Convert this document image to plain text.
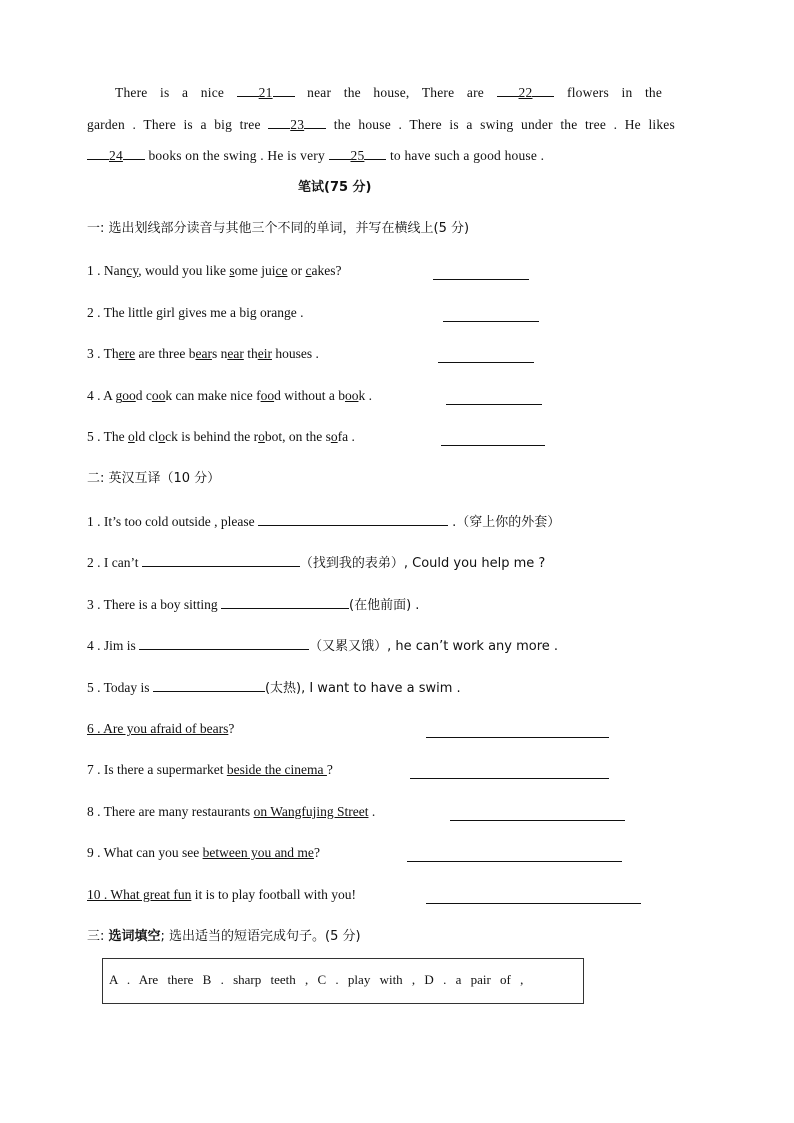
There is a nice 21 near the house, There are 22 flowers in the
garden . There is a big tree 23 the house . There is a swing under the tree . He likes
24 books on the swing . He is very 25 to have such a good house .
笔试(75 分)
一: 选出划线部分读音与其他三个不同的单词，并写在横线上(5 分)
1 . Nancy, would you like some juice or cakes?
2 . The little girl gives me a big orange .
3 . There are three bears near their houses .
4 . A good cook can make nice food without a book .
5 . The old clock is behind the robot, on the sofa .
二: 英汉互译（10 分）
1 . It’s too cold outside , please	.（穿上你的外套）
2 . I can’t	（找到我的表弟）, Could you help me ?
3 . There is a boy sitting	(在他前面) .
4 . Jim is	（又累又饿）, he can’t work any more .
5 . Today is	(太热), I want to have a swim .
6 . Are you afraid of bears?
7 . Is there a supermarket beside the cinema ?
8 . There are many restaurants on Wangfujing Street .
9 . What can you see between you and me?
10 . What great fun it is to play football with you!
三: 选词填空; 选出适当的短语完成句子。(5 分)
A . Are there B . sharp teeth , C . play with , D . a pair of ,
